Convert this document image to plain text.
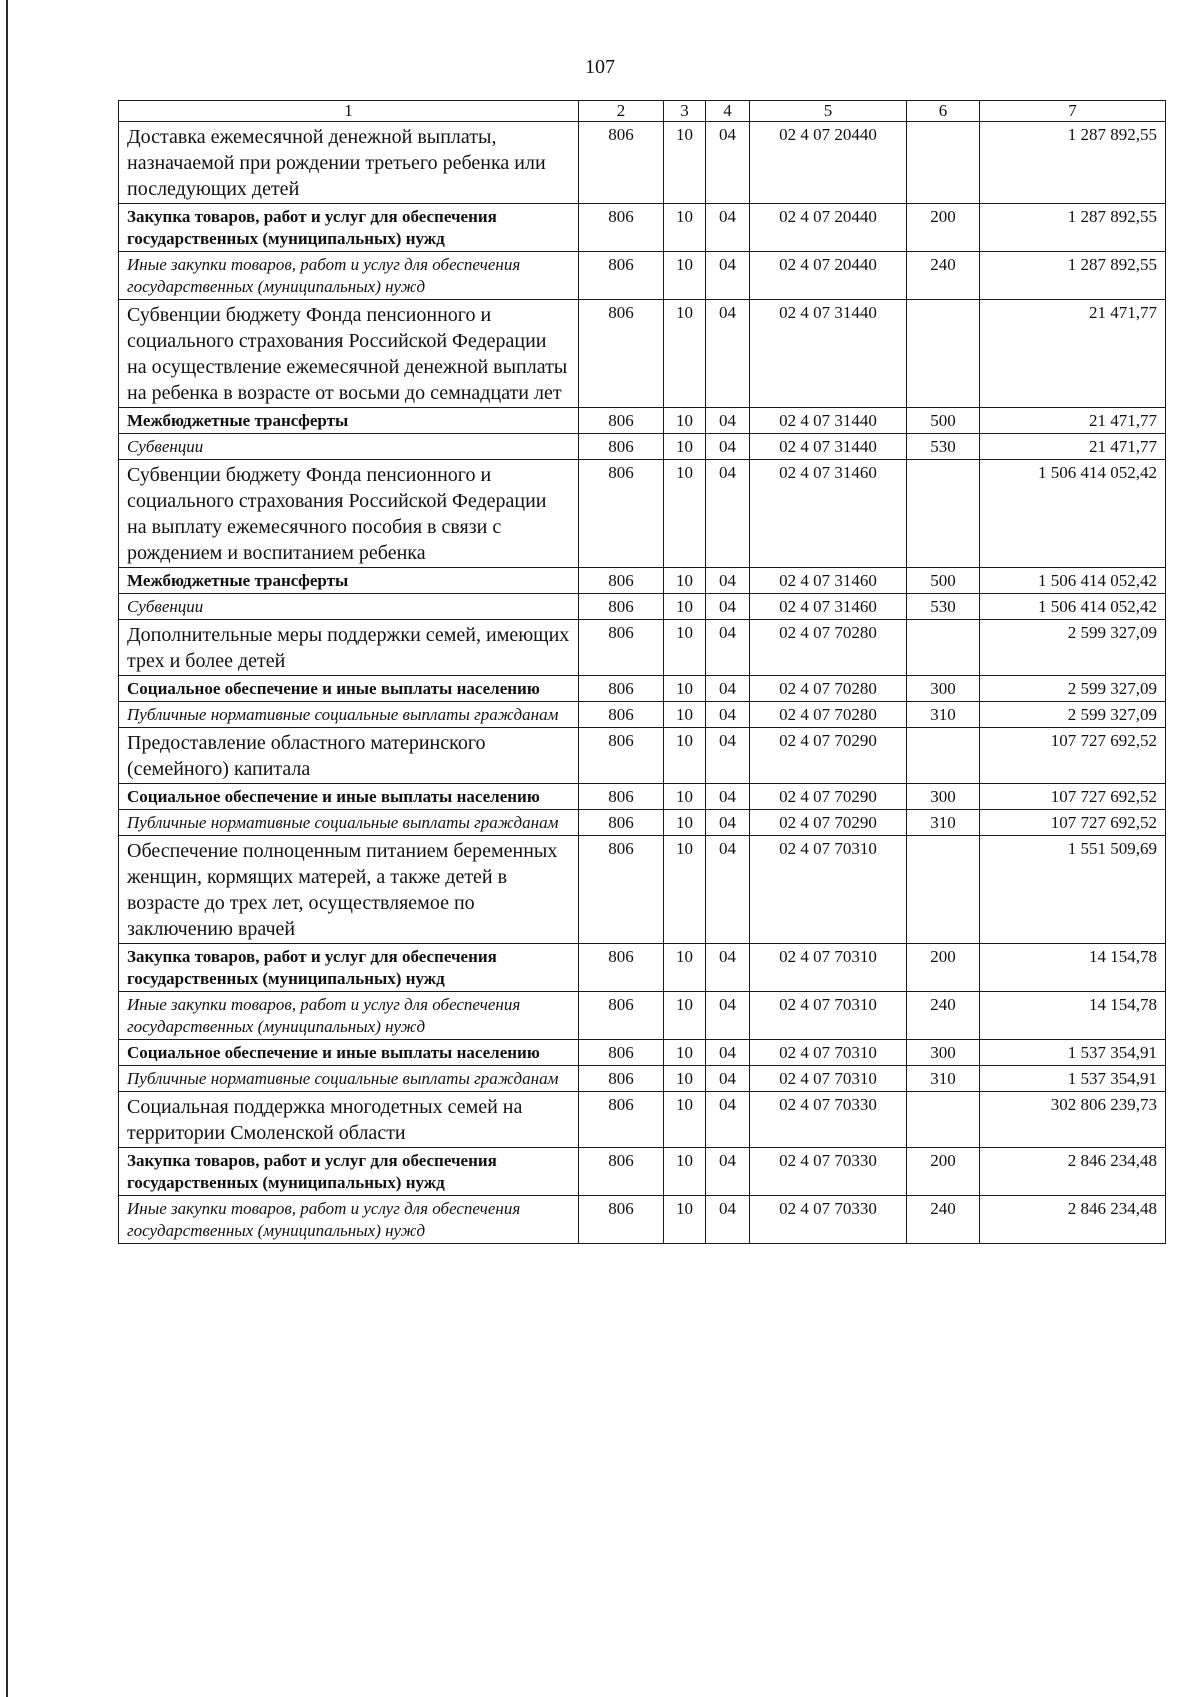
107
1	2	3	4	5	6	7
Доставка ежемесячной денежной выплаты, назначаемой при рождении третьего ребенка или последующих детей	806	10	04	02 4 07 20440		1 287 892,55
Закупка товаров, работ и услуг для обеспечения государственных (муниципальных) нужд	806	10	04	02 4 07 20440	200	1 287 892,55
Иные закупки товаров, работ и услуг для обеспечения государственных (муниципальных) нужд	806	10	04	02 4 07 20440	240	1 287 892,55
Субвенции бюджету Фонда пенсионного и социального страхования Российской Федерации на осуществление ежемесячной денежной выплаты на ребенка в возрасте от восьми до семнадцати лет	806	10	04	02 4 07 31440		21 471,77
Межбюджетные трансферты	806	10	04	02 4 07 31440	500	21 471,77
Субвенции	806	10	04	02 4 07 31440	530	21 471,77
Субвенции бюджету Фонда пенсионного и социального страхования Российской Федерации на выплату ежемесячного пособия в связи с рождением и воспитанием ребенка	806	10	04	02 4 07 31460		1 506 414 052,42
Межбюджетные трансферты	806	10	04	02 4 07 31460	500	1 506 414 052,42
Субвенции	806	10	04	02 4 07 31460	530	1 506 414 052,42
Дополнительные меры поддержки семей, имеющих трех и более детей	806	10	04	02 4 07 70280		2 599 327,09
Социальное обеспечение и иные выплаты населению	806	10	04	02 4 07 70280	300	2 599 327,09
Публичные нормативные социальные выплаты гражданам	806	10	04	02 4 07 70280	310	2 599 327,09
Предоставление областного материнского (семейного) капитала	806	10	04	02 4 07 70290		107 727 692,52
Социальное обеспечение и иные выплаты населению	806	10	04	02 4 07 70290	300	107 727 692,52
Публичные нормативные социальные выплаты гражданам	806	10	04	02 4 07 70290	310	107 727 692,52
Обеспечение полноценным питанием беременных женщин, кормящих матерей, а также детей в возрасте до трех лет, осуществляемое по заключению врачей	806	10	04	02 4 07 70310		1 551 509,69
Закупка товаров, работ и услуг для обеспечения государственных (муниципальных) нужд	806	10	04	02 4 07 70310	200	14 154,78
Иные закупки товаров, работ и услуг для обеспечения государственных (муниципальных) нужд	806	10	04	02 4 07 70310	240	14 154,78
Социальное обеспечение и иные выплаты населению	806	10	04	02 4 07 70310	300	1 537 354,91
Публичные нормативные социальные выплаты гражданам	806	10	04	02 4 07 70310	310	1 537 354,91
Социальная поддержка многодетных семей на территории Смоленской области	806	10	04	02 4 07 70330		302 806 239,73
Закупка товаров, работ и услуг для обеспечения государственных (муниципальных) нужд	806	10	04	02 4 07 70330	200	2 846 234,48
Иные закупки товаров, работ и услуг для обеспечения государственных (муниципальных) нужд	806	10	04	02 4 07 70330	240	2 846 234,48
